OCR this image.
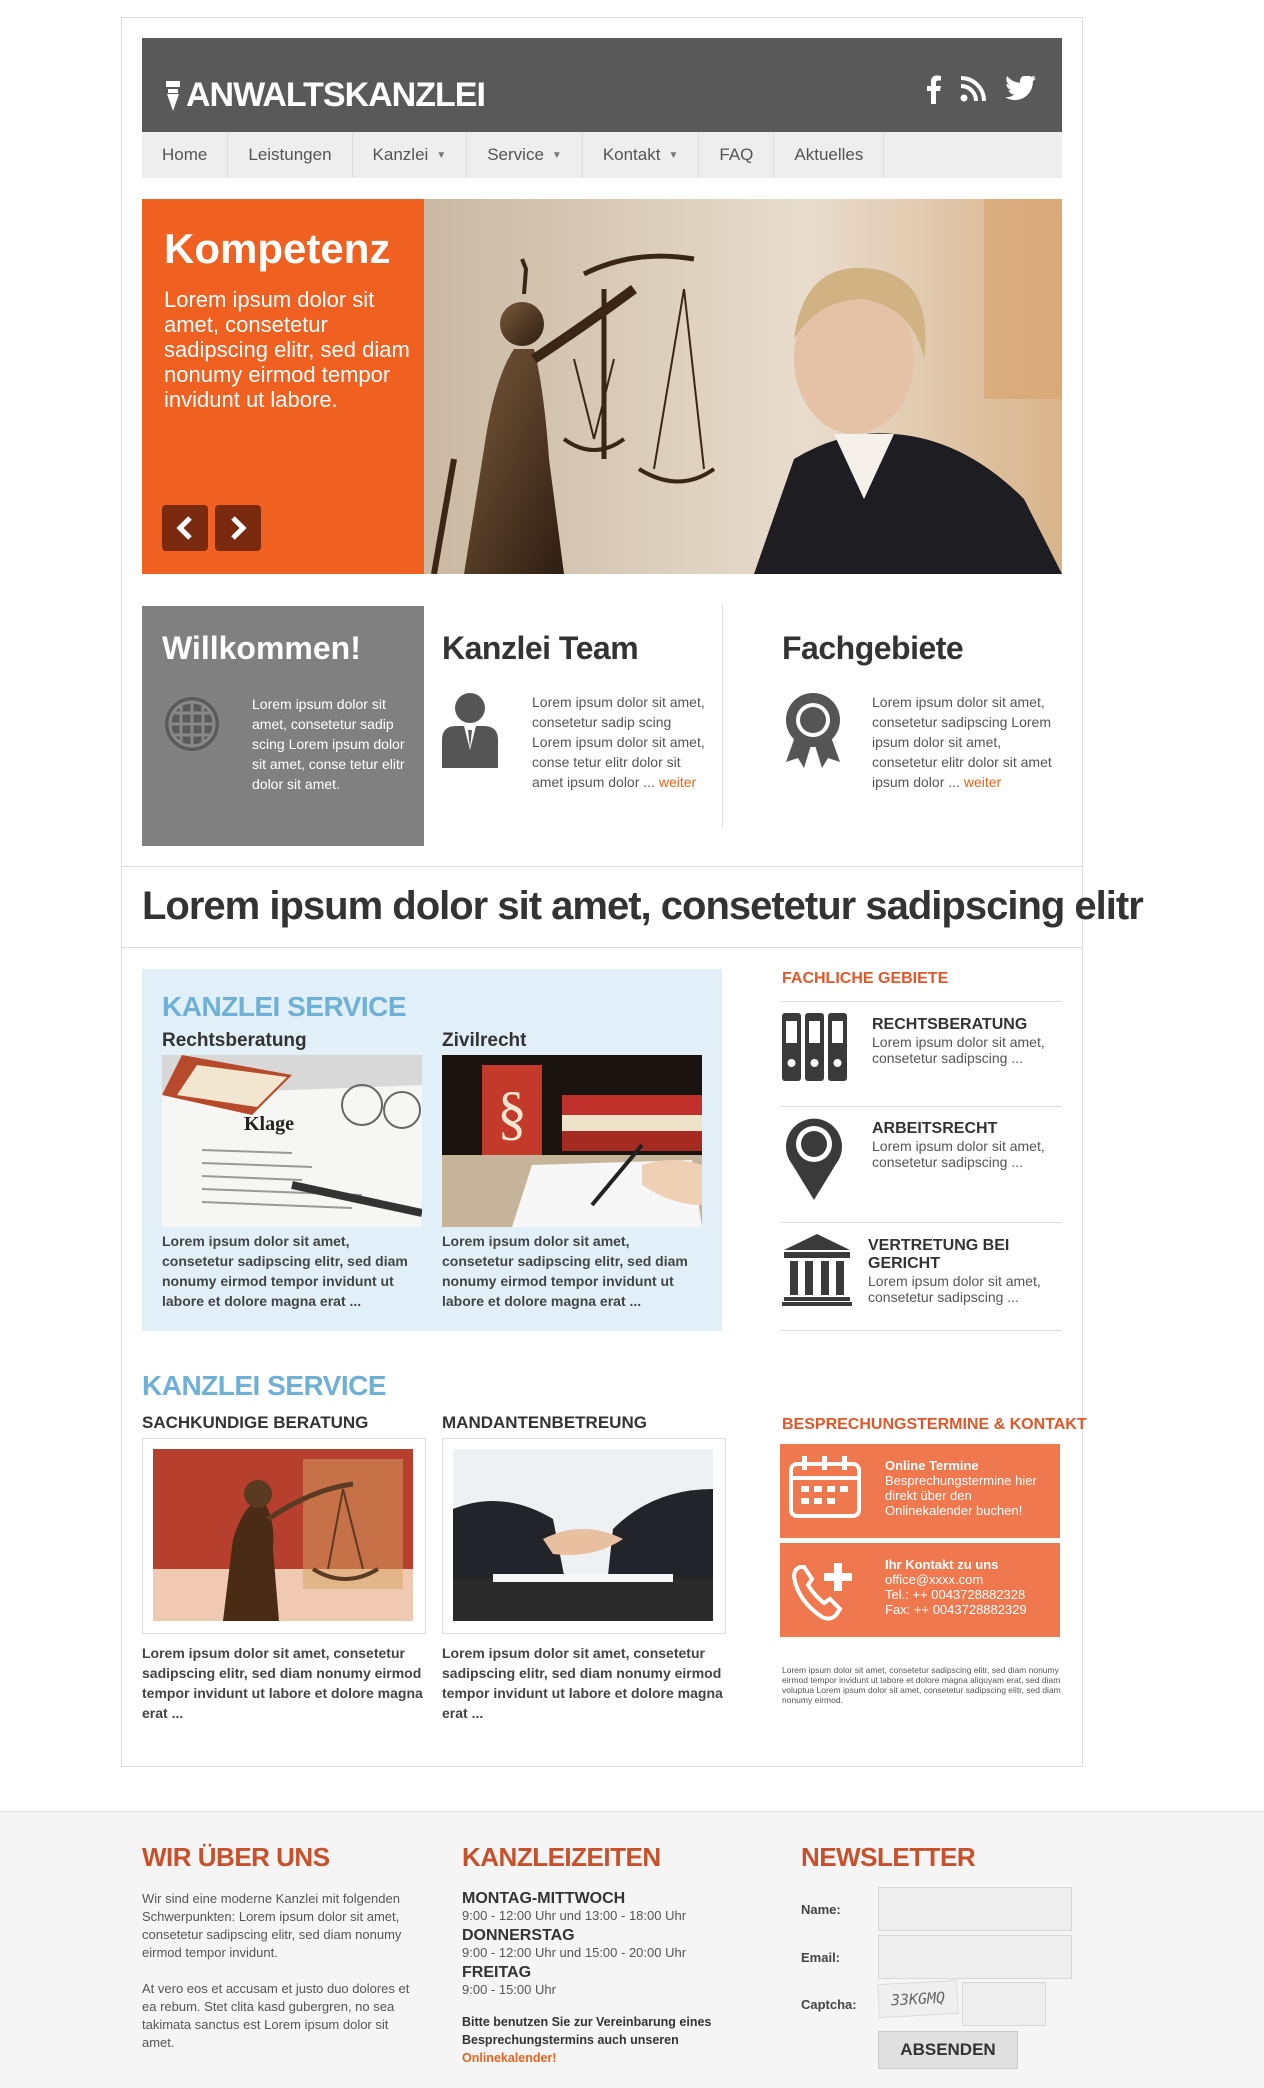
ANWALTSKANZLEI
Home Leistungen Kanzlei ▼ Service ▼ Kontakt ▼ FAQ Aktuelles
Kompetenz
Lorem ipsum dolor sit amet, consetetur sadipscing elitr, sed diam nonumy eirmod tempor invidunt ut labore.
Willkommen!
Lorem ipsum dolor sit amet, consetetur sadip scing Lorem ipsum dolor sit amet, conse tetur elitr dolor sit amet.
Kanzlei Team
Lorem ipsum dolor sit amet, consetetur sadip scing Lorem ipsum dolor sit amet, conse tetur elitr dolor sit amet ipsum dolor ... weiter
Fachgebiete
Lorem ipsum dolor sit amet, consetetur sadipscing Lorem ipsum dolor sit amet, consetetur elitr dolor sit amet ipsum dolor ... weiter
Lorem ipsum dolor sit amet, consetetur sadipscing elitr
KANZLEI SERVICE
Rechtsberatung	Zivilrecht
Klage	§
Lorem ipsum dolor sit amet, consetetur sadipscing elitr, sed diam nonumy eirmod tempor invidunt ut labore et dolore magna erat ...
Lorem ipsum dolor sit amet, consetetur sadipscing elitr, sed diam nonumy eirmod tempor invidunt ut labore et dolore magna erat ...
KANZLEI SERVICE
SACHKUNDIGE BERATUNG	MANDANTENBETREUNG
Lorem ipsum dolor sit amet, consetetur sadipscing elitr, sed diam nonumy eirmod tempor invidunt ut labore et dolore magna erat ...
Lorem ipsum dolor sit amet, consetetur sadipscing elitr, sed diam nonumy eirmod tempor invidunt ut labore et dolore magna erat ...
FACHLICHE GEBIETE
RECHTSBERATUNG
Lorem ipsum dolor sit amet, consetetur sadipscing ...
ARBEITSRECHT
Lorem ipsum dolor sit amet, consetetur sadipscing ...
VERTRETUNG BEI GERICHT
Lorem ipsum dolor sit amet, consetetur sadipscing ...
BESPRECHUNGSTERMINE & KONTAKT
Online Termine
Besprechungstermine hier direkt über den Onlinekalender buchen!
Ihr Kontakt zu uns
office@xxxx.com
Tel.: ++ 0043728882328
Fax: ++ 0043728882329
Lorem ipsum dolor sit amet, consetetur sadipscing elitr, sed diam nonumy eirmod tempor invidunt ut labore et dolore magna aliquyam erat, sed diam voluptua Lorem ipsum dolor sit amet, consetetur sadipscing elitr, sed diam nonumy eirmod.
WIR ÜBER UNS
Wir sind eine moderne Kanzlei mit folgenden Schwerpunkten: Lorem ipsum dolor sit amet, consetetur sadipscing elitr, sed diam nonumy eirmod tempor invidunt.
At vero eos et accusam et justo duo dolores et ea rebum. Stet clita kasd gubergren, no sea takimata sanctus est Lorem ipsum dolor sit amet.
KANZLEIZEITEN
MONTAG-MITTWOCH
9:00 - 12:00 Uhr und 13:00 - 18:00 Uhr
DONNERSTAG
9:00 - 12:00 Uhr und 15:00 - 20:00 Uhr
FREITAG
9:00 - 15:00 Uhr
Bitte benutzen Sie zur Vereinbarung eines Besprechungstermins auch unseren Onlinekalender!
NEWSLETTER
Name:
Email:
Captcha:	33KGMQ
ABSENDEN
